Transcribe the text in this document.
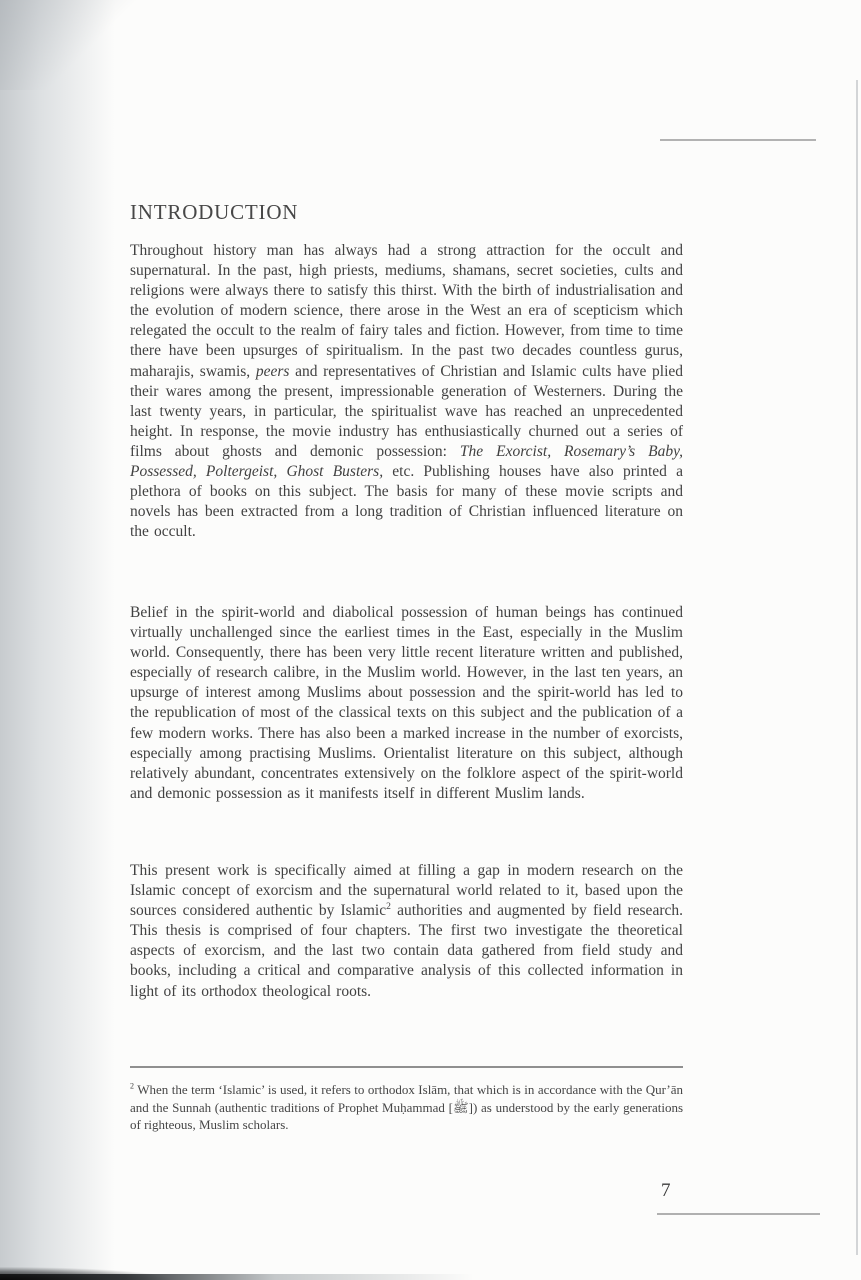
INTRODUCTION

Throughout history man has always had a strong attraction for the occult and supernatural. In the past, high priests, mediums, shamans, secret societies, cults and religions were always there to satisfy this thirst. With the birth of industrialisation and the evolution of modern science, there arose in the West an era of scepticism which relegated the occult to the realm of fairy tales and fiction. However, from time to time there have been upsurges of spiritualism. In the past two decades countless gurus, maharajis, swamis, peers and representatives of Christian and Islamic cults have plied their wares among the present, impressionable generation of Westerners. During the last twenty years, in particular, the spiritualist wave has reached an unprecedented height. In response, the movie industry has enthusiastically churned out a series of films about ghosts and demonic possession: The Exorcist, Rosemary’s Baby, Possessed, Poltergeist, Ghost Busters, etc. Publishing houses have also printed a plethora of books on this subject. The basis for many of these movie scripts and novels has been extracted from a long tradition of Christian influenced literature on the occult.

Belief in the spirit-world and diabolical possession of human beings has continued virtually unchallenged since the earliest times in the East, especially in the Muslim world. Consequently, there has been very little recent literature written and published, especially of research calibre, in the Muslim world. However, in the last ten years, an upsurge of interest among Muslims about possession and the spirit-world has led to the republication of most of the classical texts on this subject and the publication of a few modern works. There has also been a marked increase in the number of exorcists, especially among practising Muslims. Orientalist literature on this subject, although relatively abundant, concentrates extensively on the folklore aspect of the spirit-world and demonic possession as it manifests itself in different Muslim lands.

This present work is specifically aimed at filling a gap in modern research on the Islamic concept of exorcism and the supernatural world related to it, based upon the sources considered authentic by Islamic$^2$ authorities and augmented by field research. This thesis is comprised of four chapters. The first two investigate the theoretical aspects of exorcism, and the last two contain data gathered from field study and books, including a critical and comparative analysis of this collected information in light of its orthodox theological roots.

$^2$ When the term ‘Islamic’ is used, it refers to orthodox Islām, that which is in accordance with the Qur’ān and the Sunnah (authentic traditions of Prophet Muḥammad [ﷺ]) as understood by the early generations of righteous, Muslim scholars.

7
